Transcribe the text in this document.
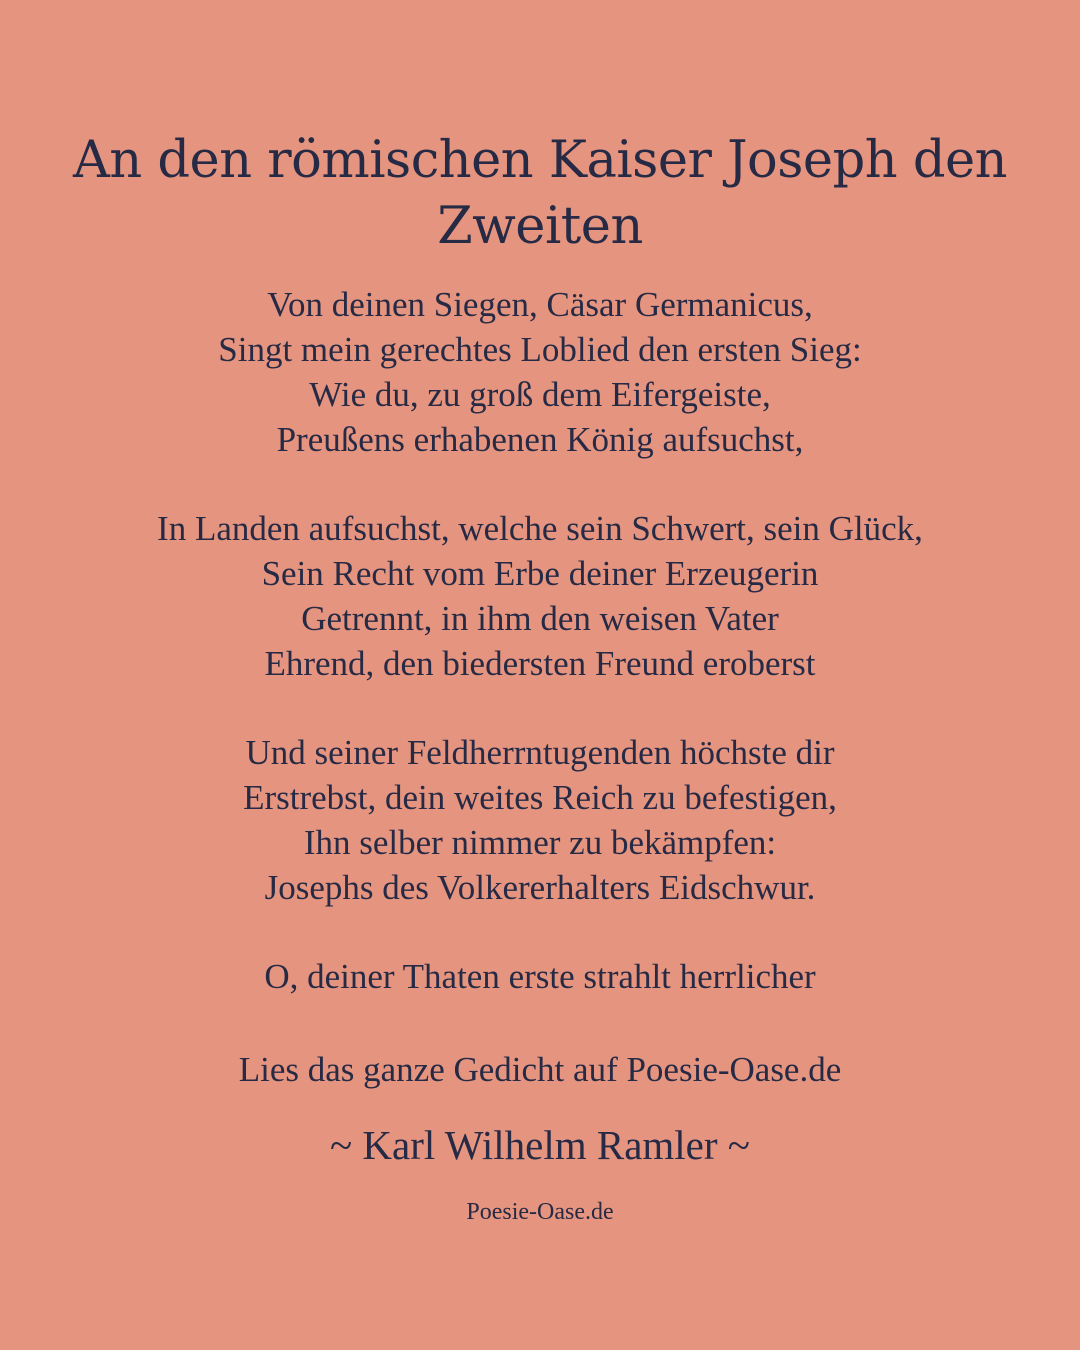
An den römischen Kaiser Joseph den
Zweiten
Von deinen Siegen, Cäsar Germanicus,
Singt mein gerechtes Loblied den ersten Sieg:
Wie du, zu groß dem Eifergeiste,
Preußens erhabenen König aufsuchst,
In Landen aufsuchst, welche sein Schwert, sein Glück,
Sein Recht vom Erbe deiner Erzeugerin
Getrennt, in ihm den weisen Vater
Ehrend, den biedersten Freund eroberst
Und seiner Feldherrntugenden höchste dir
Erstrebst, dein weites Reich zu befestigen,
Ihn selber nimmer zu bekämpfen:
Josephs des Volkererhalters Eidschwur.
O, deiner Thaten erste strahlt herrlicher
Lies das ganze Gedicht auf Poesie-Oase.de
~ Karl Wilhelm Ramler ~
Poesie-Oase.de
